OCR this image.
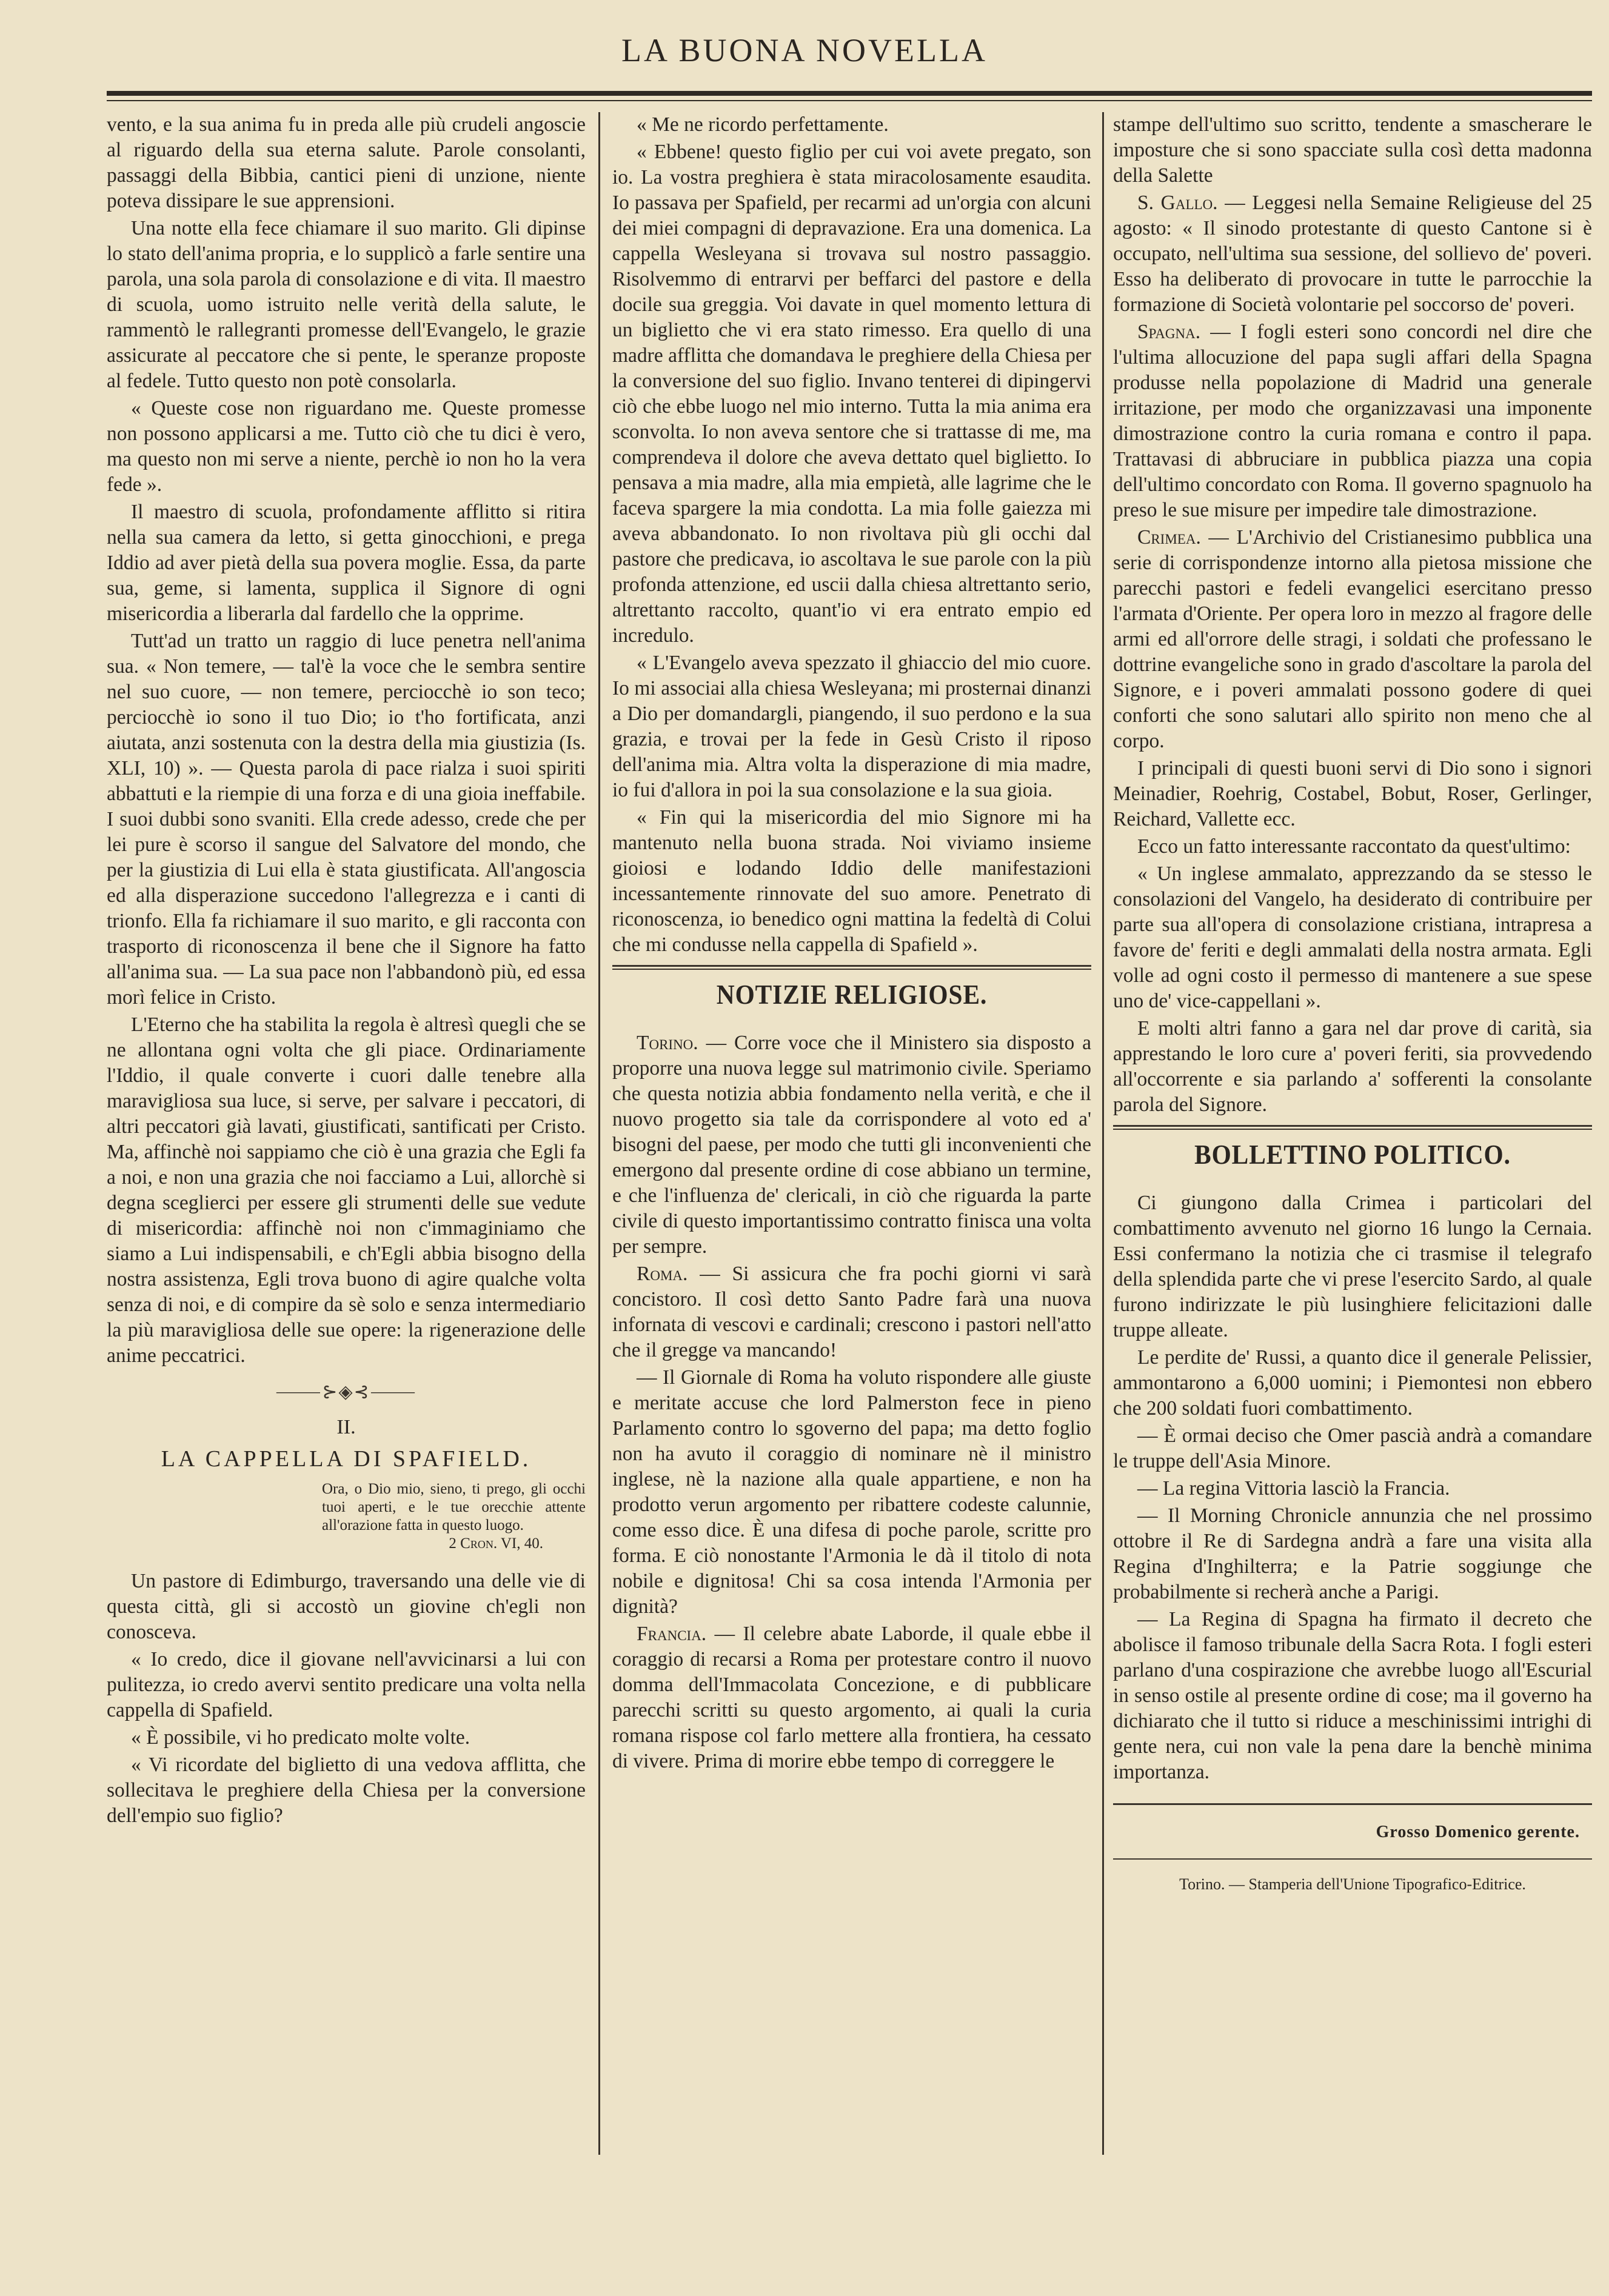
LA BUONA NOVELLA

vento, e la sua anima fu in preda alle più crudeli angoscie al riguardo della sua eterna salute. Parole consolanti, passaggi della Bibbia, cantici pieni di unzione, niente poteva dissipare le sue apprensioni.

Una notte ella fece chiamare il suo marito. Gli dipinse lo stato dell'anima propria, e lo supplicò a farle sentire una parola, una sola parola di consolazione e di vita. Il maestro di scuola, uomo istruito nelle verità della salute, le rammentò le rallegranti promesse dell'Evangelo, le grazie assicurate al peccatore che si pente, le speranze proposte al fedele. Tutto questo non potè consolarla.

« Queste cose non riguardano me. Queste promesse non possono applicarsi a me. Tutto ciò che tu dici è vero, ma questo non mi serve a niente, perchè io non ho la vera fede ».

Il maestro di scuola, profondamente afflitto si ritira nella sua camera da letto, si getta ginocchioni, e prega Iddio ad aver pietà della sua povera moglie. Essa, da parte sua, geme, si lamenta, supplica il Signore di ogni misericordia a liberarla dal fardello che la opprime.

Tutt'ad un tratto un raggio di luce penetra nell'anima sua. « Non temere, — tal'è la voce che le sembra sentire nel suo cuore, — non temere, perciocchè io son teco; perciocchè io sono il tuo Dio; io t'ho fortificata, anzi aiutata, anzi sostenuta con la destra della mia giustizia (Is. XLI, 10) ». — Questa parola di pace rialza i suoi spiriti abbattuti e la riempie di una forza e di una gioia ineffabile. I suoi dubbi sono svaniti. Ella crede adesso, crede che per lei pure è scorso il sangue del Salvatore del mondo, che per la giustizia di Lui ella è stata giustificata. All'angoscia ed alla disperazione succedono l'allegrezza e i canti di trionfo. Ella fa richiamare il suo marito, e gli racconta con trasporto di riconoscenza il bene che il Signore ha fatto all'anima sua. — La sua pace non l'abbandonò più, ed essa morì felice in Cristo.

L'Eterno che ha stabilita la regola è altresì quegli che se ne allontana ogni volta che gli piace. Ordinariamente l'Iddio, il quale converte i cuori dalle tenebre alla maravigliosa sua luce, si serve, per salvare i peccatori, di altri peccatori già lavati, giustificati, santificati per Cristo. Ma, affinchè noi sappiamo che ciò è una grazia che Egli fa a noi, e non una grazia che noi facciamo a Lui, allorchè si degna sceglierci per essere gli strumenti delle sue vedute di misericordia: affinchè noi non c'immaginiamo che siamo a Lui indispensabili, e ch'Egli abbia bisogno della nostra assistenza, Egli trova buono di agire qualche volta senza di noi, e di compire da sè solo e senza intermediario la più maravigliosa delle sue opere: la rigenerazione delle anime peccatrici.

⸻⊱◈⊰⸻
II.
LA CAPPELLA DI SPAFIELD.
Ora, o Dio mio, sieno, ti prego, gli occhi tuoi aperti, e le tue orecchie attente all'orazione fatta in questo luogo.
2 Cron. VI, 40.

Un pastore di Edimburgo, traversando una delle vie di questa città, gli si accostò un giovine ch'egli non conosceva.

« Io credo, dice il giovane nell'avvicinarsi a lui con pulitezza, io credo avervi sentito predicare una volta nella cappella di Spafield.

« È possibile, vi ho predicato molte volte.

« Vi ricordate del biglietto di una vedova afflitta, che sollecitava le preghiere della Chiesa per la conversione dell'empio suo figlio?

« Me ne ricordo perfettamente.

« Ebbene! questo figlio per cui voi avete pregato, son io. La vostra preghiera è stata miracolosamente esaudita. Io passava per Spafield, per recarmi ad un'orgia con alcuni dei miei compagni di depravazione. Era una domenica. La cappella Wesleyana si trovava sul nostro passaggio. Risolvemmo di entrarvi per beffarci del pastore e della docile sua greggia. Voi davate in quel momento lettura di un biglietto che vi era stato rimesso. Era quello di una madre afflitta che domandava le preghiere della Chiesa per la conversione del suo figlio. Invano tenterei di dipingervi ciò che ebbe luogo nel mio interno. Tutta la mia anima era sconvolta. Io non aveva sentore che si trattasse di me, ma comprendeva il dolore che aveva dettato quel biglietto. Io pensava a mia madre, alla mia empietà, alle lagrime che le faceva spargere la mia condotta. La mia folle gaiezza mi aveva abbandonato. Io non rivoltava più gli occhi dal pastore che predicava, io ascoltava le sue parole con la più profonda attenzione, ed uscii dalla chiesa altrettanto serio, altrettanto raccolto, quant'io vi era entrato empio ed incredulo.

« L'Evangelo aveva spezzato il ghiaccio del mio cuore. Io mi associai alla chiesa Wesleyana; mi prosternai dinanzi a Dio per domandargli, piangendo, il suo perdono e la sua grazia, e trovai per la fede in Gesù Cristo il riposo dell'anima mia. Altra volta la disperazione di mia madre, io fui d'allora in poi la sua consolazione e la sua gioia.

« Fin qui la misericordia del mio Signore mi ha mantenuto nella buona strada. Noi viviamo insieme gioiosi e lodando Iddio delle manifestazioni incessantemente rinnovate del suo amore. Penetrato di riconoscenza, io benedico ogni mattina la fedeltà di Colui che mi condusse nella cappella di Spafield ».

NOTIZIE RELIGIOSE.

Torino. — Corre voce che il Ministero sia disposto a proporre una nuova legge sul matrimonio civile. Speriamo che questa notizia abbia fondamento nella verità, e che il nuovo progetto sia tale da corrispondere al voto ed a' bisogni del paese, per modo che tutti gli inconvenienti che emergono dal presente ordine di cose abbiano un termine, e che l'influenza de' clericali, in ciò che riguarda la parte civile di questo importantissimo contratto finisca una volta per sempre.

Roma. — Si assicura che fra pochi giorni vi sarà concistoro. Il così detto Santo Padre farà una nuova infornata di vescovi e cardinali; crescono i pastori nell'atto che il gregge va mancando!

— Il Giornale di Roma ha voluto rispondere alle giuste e meritate accuse che lord Palmerston fece in pieno Parlamento contro lo sgoverno del papa; ma detto foglio non ha avuto il coraggio di nominare nè il ministro inglese, nè la nazione alla quale appartiene, e non ha prodotto verun argomento per ribattere codeste calunnie, come esso dice. È una difesa di poche parole, scritte pro forma. E ciò nonostante l'Armonia le dà il titolo di nota nobile e dignitosa! Chi sa cosa intenda l'Armonia per dignità?

Francia. — Il celebre abate Laborde, il quale ebbe il coraggio di recarsi a Roma per protestare contro il nuovo domma dell'Immacolata Concezione, e di pubblicare parecchi scritti su questo argomento, ai quali la curia romana rispose col farlo mettere alla frontiera, ha cessato di vivere. Prima di morire ebbe tempo di correggere le

stampe dell'ultimo suo scritto, tendente a smascherare le imposture che si sono spacciate sulla così detta madonna della Salette

S. Gallo. — Leggesi nella Semaine Religieuse del 25 agosto: « Il sinodo protestante di questo Cantone si è occupato, nell'ultima sua sessione, del sollievo de' poveri. Esso ha deliberato di provocare in tutte le parrocchie la formazione di Società volontarie pel soccorso de' poveri.

Spagna. — I fogli esteri sono concordi nel dire che l'ultima allocuzione del papa sugli affari della Spagna produsse nella popolazione di Madrid una generale irritazione, per modo che organizzavasi una imponente dimostrazione contro la curia romana e contro il papa. Trattavasi di abbruciare in pubblica piazza una copia dell'ultimo concordato con Roma. Il governo spagnuolo ha preso le sue misure per impedire tale dimostrazione.

Crimea. — L'Archivio del Cristianesimo pubblica una serie di corrispondenze intorno alla pietosa missione che parecchi pastori e fedeli evangelici esercitano presso l'armata d'Oriente. Per opera loro in mezzo al fragore delle armi ed all'orrore delle stragi, i soldati che professano le dottrine evangeliche sono in grado d'ascoltare la parola del Signore, e i poveri ammalati possono godere di quei conforti che sono salutari allo spirito non meno che al corpo.

I principali di questi buoni servi di Dio sono i signori Meinadier, Roehrig, Costabel, Bobut, Roser, Gerlinger, Reichard, Vallette ecc.

Ecco un fatto interessante raccontato da quest'ultimo:

« Un inglese ammalato, apprezzando da se stesso le consolazioni del Vangelo, ha desiderato di contribuire per parte sua all'opera di consolazione cristiana, intrapresa a favore de' feriti e degli ammalati della nostra armata. Egli volle ad ogni costo il permesso di mantenere a sue spese uno de' vice-cappellani ».

E molti altri fanno a gara nel dar prove di carità, sia apprestando le loro cure a' poveri feriti, sia provvedendo all'occorrente e sia parlando a' sofferenti la consolante parola del Signore.

BOLLETTINO POLITICO.

Ci giungono dalla Crimea i particolari del combattimento avvenuto nel giorno 16 lungo la Cernaia. Essi confermano la notizia che ci trasmise il telegrafo della splendida parte che vi prese l'esercito Sardo, al quale furono indirizzate le più lusinghiere felicitazioni dalle truppe alleate.

Le perdite de' Russi, a quanto dice il generale Pelissier, ammontarono a 6,000 uomini; i Piemontesi non ebbero che 200 soldati fuori combattimento.

— È ormai deciso che Omer pascià andrà a comandare le truppe dell'Asia Minore.

— La regina Vittoria lasciò la Francia.

— Il Morning Chronicle annunzia che nel prossimo ottobre il Re di Sardegna andrà a fare una visita alla Regina d'Inghilterra; e la Patrie soggiunge che probabilmente si recherà anche a Parigi.

— La Regina di Spagna ha firmato il decreto che abolisce il famoso tribunale della Sacra Rota. I fogli esteri parlano d'una cospirazione che avrebbe luogo all'Escurial in senso ostile al presente ordine di cose; ma il governo ha dichiarato che il tutto si riduce a meschinissimi intrighi di gente nera, cui non vale la pena dare la benchè minima importanza.

Grosso Domenico gerente.
Torino. — Stamperia dell'Unione Tipografico-Editrice.
